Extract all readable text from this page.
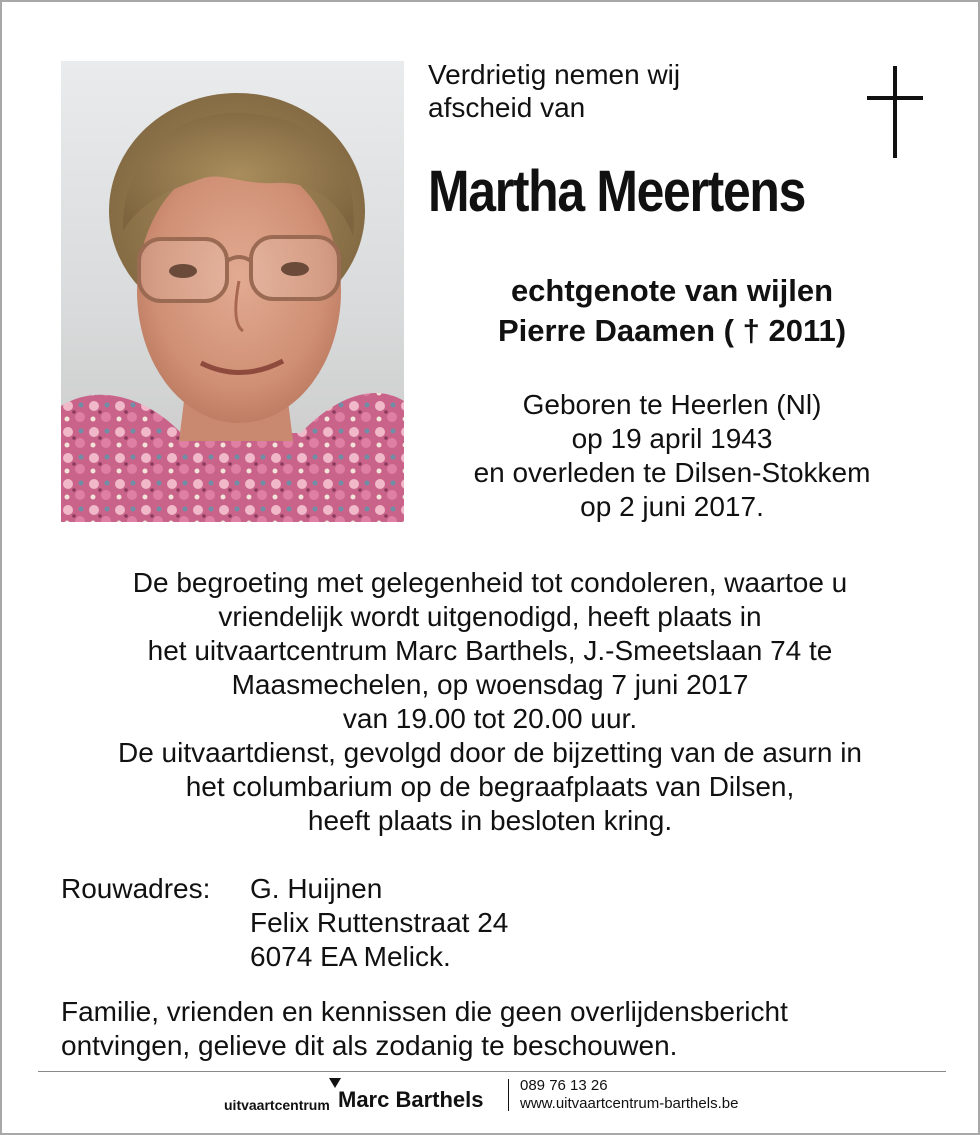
Verdrietig nemen wij
afscheid van
Martha Meertens
echtgenote van wijlen
Pierre Daamen ( † 2011)
Geboren te Heerlen (Nl)
op 19 april 1943
en overleden te Dilsen-Stokkem
op 2 juni 2017.
De begroeting met gelegenheid tot condoleren, waartoe u
vriendelijk wordt uitgenodigd, heeft plaats in
het uitvaartcentrum Marc Barthels, J.-Smeetslaan 74 te
Maasmechelen, op woensdag 7 juni 2017
van 19.00 tot 20.00 uur.
De uitvaartdienst, gevolgd door de bijzetting van de asurn in
het columbarium op de begraafplaats van Dilsen,
heeft plaats in besloten kring.
Rouwadres: G. Huijnen
Felix Ruttenstraat 24
6074 EA Melick.
Familie, vrienden en kennissen die geen overlijdensbericht
ontvingen, gelieve dit als zodanig te beschouwen.
uitvaartcentrum Marc Barthels
089 76 13 26
www.uitvaartcentrum-barthels.be
